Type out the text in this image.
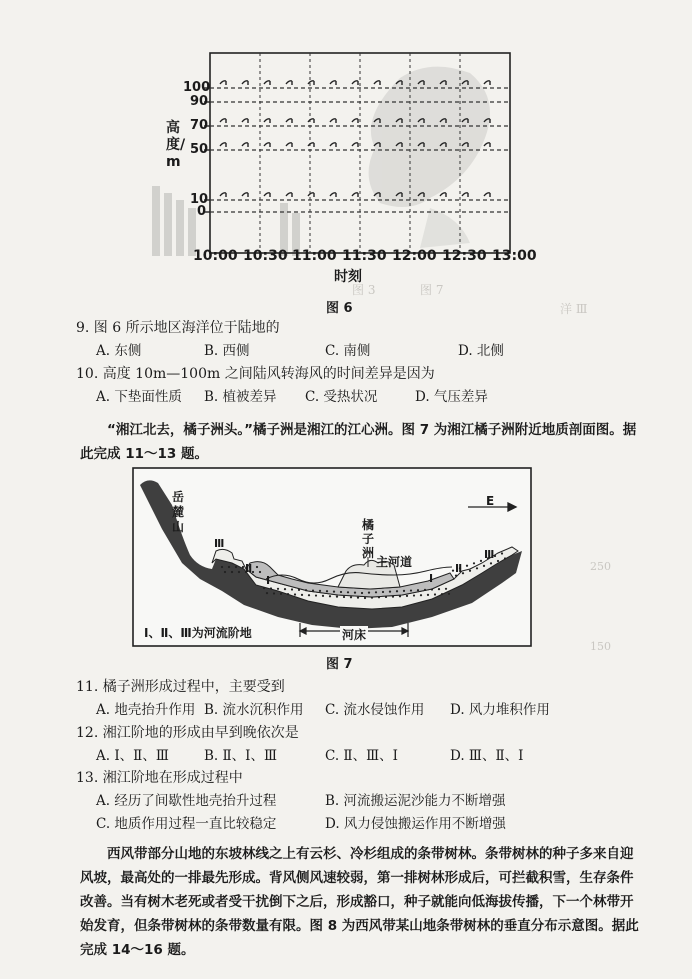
图 3	图 7
洋 Ⅲ
250
150
100
90
70
50
10
0
高度/m
10:00 10:30 11:00 11:30 12:00 12:30 13:00
时刻
图 6
9. 图 6 所示地区海洋位于陆地的
A. 东侧	B. 西侧	C. 南侧	D. 北侧
10. 高度 10m—100m 之间陆风转海风的时间差异是因为
A. 下垫面性质 B. 植被差异 C. 受热状况	D. 气压差异
“湘江北去，橘子洲头。”橘子洲是湘江的江心洲。图 7 为湘江橘子洲附近地质剖面图。据此完成 11～13 题。
岳麓山	橘子洲
主河道
河床
E
Ⅰ、Ⅱ、Ⅲ为河流阶地
Ⅲ
Ⅱ
Ⅰ	Ⅰ
Ⅱ
Ⅲ
图 7
11. 橘子洲形成过程中，主要受到
A. 地壳抬升作用 B. 流水沉积作用 C. 流水侵蚀作用 D. 风力堆积作用
12. 湘江阶地的形成由早到晚依次是
A. Ⅰ、Ⅱ、Ⅲ	B. Ⅱ、Ⅰ、Ⅲ	C. Ⅱ、Ⅲ、Ⅰ	D. Ⅲ、Ⅱ、Ⅰ
13. 湘江阶地在形成过程中
A. 经历了间歇性地壳抬升过程	B. 河流搬运泥沙能力不断增强
C. 地质作用过程一直比较稳定	D. 风力侵蚀搬运作用不断增强
西风带部分山地的东坡林线之上有云杉、冷杉组成的条带树林。条带树林的种子多来自迎风坡，最高处的一排最先形成。背风侧风速较弱，第一排树林形成后，可拦截积雪，生存条件改善。当有树木老死或者受干扰倒下之后，形成豁口，种子就能向低海拔传播，下一个林带开始发育，但条带树林的条带数量有限。图 8 为西风带某山地条带树林的垂直分布示意图。据此完成 14～16 题。
